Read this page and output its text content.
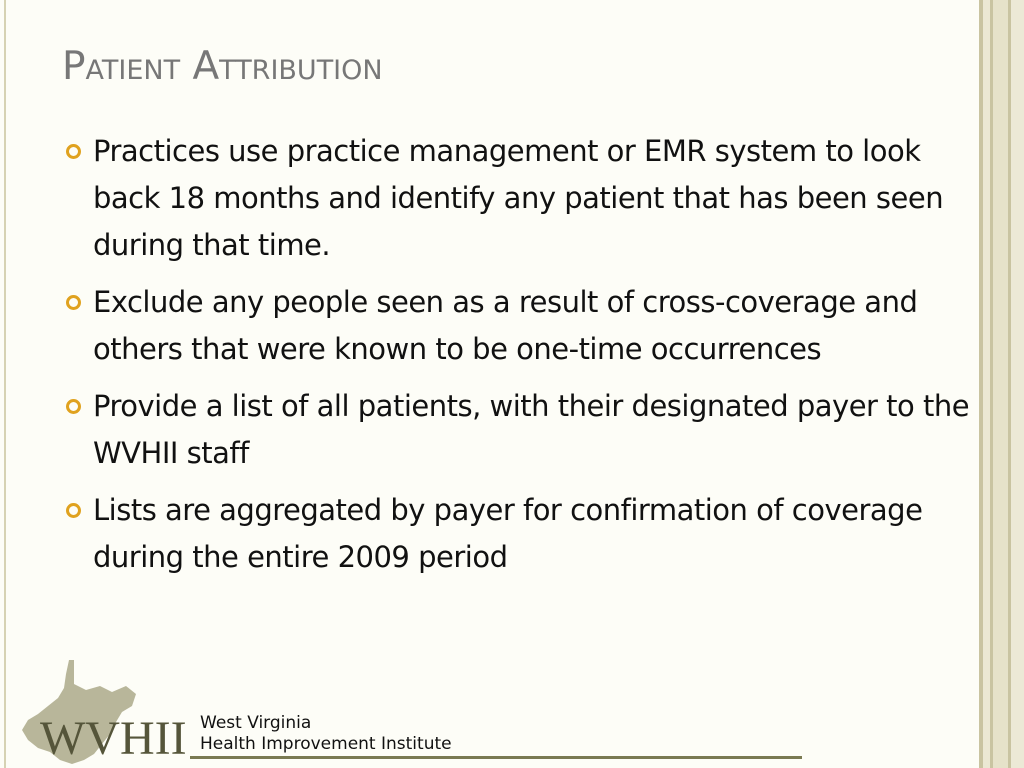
Patient Attribution
Practices use practice management or EMR system to look back 18 months and identify any patient that has been seen during that time.
Exclude any people seen as a result of cross-coverage and others that were known to be one-time occurrences
Provide a list of all patients, with their designated payer to the WVHII staff
Lists are aggregated by payer for confirmation of coverage during the entire 2009 period
WVHII West Virginia
Health Improvement Institute
